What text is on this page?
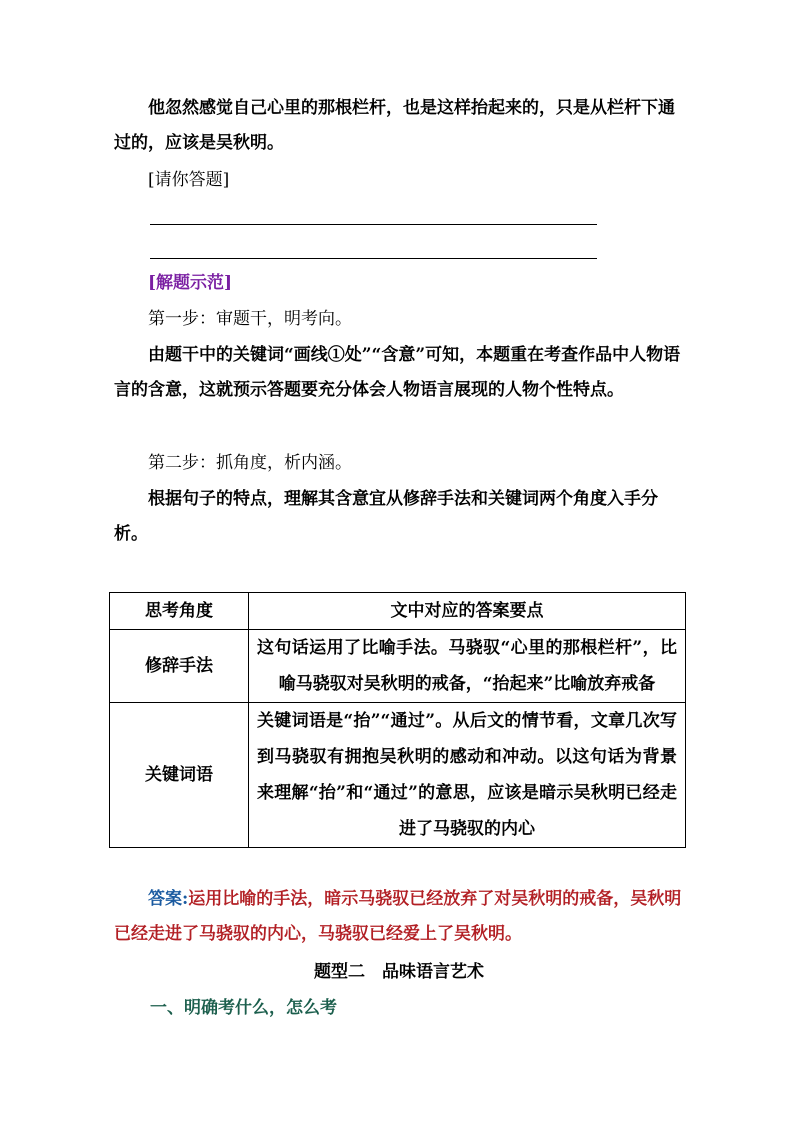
他忽然感觉自己心里的那根栏杆，也是这样抬起来的，只是从栏杆下通过的，应该是吴秋明。

[请你答题]

[解题示范]

第一步：审题干，明考向。

由题干中的关键词“画线①处”“含意”可知，本题重在考查作品中人物语言的含意，这就预示答题要充分体会人物语言展现的人物个性特点。

第二步：抓角度，析内涵。

根据句子的特点，理解其含意宜从修辞手法和关键词两个角度入手分析。

思考角度	文中对应的答案要点
修辞手法	这句话运用了比喻手法。马骁驭“心里的那根栏杆”，比喻马骁驭对吴秋明的戒备，“抬起来”比喻放弃戒备
关键词语	关键词语是“抬”“通过”。从后文的情节看，文章几次写到马骁驭有拥抱吴秋明的感动和冲动。以这句话为背景来理解“抬”和“通过”的意思，应该是暗示吴秋明已经走进了马骁驭的内心

答案:运用比喻的手法，暗示马骁驭已经放弃了对吴秋明的戒备，吴秋明已经走进了马骁驭的内心，马骁驭已经爱上了吴秋明。

题型二　品味语言艺术
一、明确考什么，怎么考
